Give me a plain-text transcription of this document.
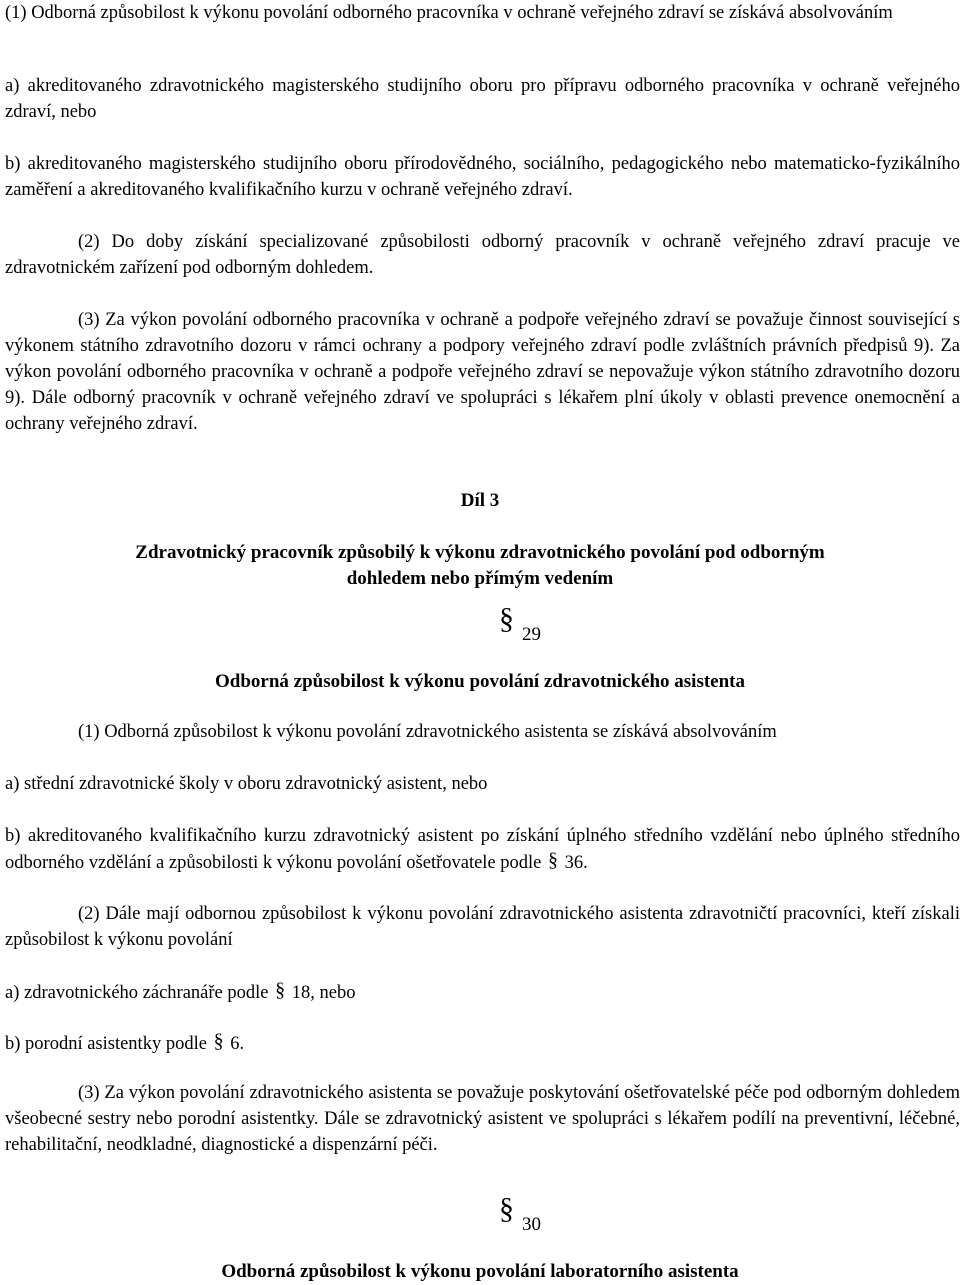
(1) Odborná způsobilost k výkonu povolání odborného pracovníka v ochraně veřejného zdraví se získává absolvováním

a) akreditovaného zdravotnického magisterského studijního oboru pro přípravu odborného pracovníka v ochraně veřejného zdraví, nebo

b) akreditovaného magisterského studijního oboru přírodovědného, sociálního, pedagogického nebo matematicko-fyzikálního zaměření a akreditovaného kvalifikačního kurzu v ochraně veřejného zdraví.

(2) Do doby získání specializované způsobilosti odborný pracovník v ochraně veřejného zdraví pracuje ve zdravotnickém zařízení pod odborným dohledem.

(3) Za výkon povolání odborného pracovníka v ochraně a podpoře veřejného zdraví se považuje činnost související s výkonem státního zdravotního dozoru v rámci ochrany a podpory veřejného zdraví podle zvláštních právních předpisů 9). Za výkon povolání odborného pracovníka v ochraně a podpoře veřejného zdraví se nepovažuje výkon státního zdravotního dozoru 9). Dále odborný pracovník v ochraně veřejného zdraví ve spolupráci s lékařem plní úkoly v oblasti prevence onemocnění a ochrany veřejného zdraví.

Díl 3
Zdravotnický pracovník způsobilý k výkonu zdravotnického povolání pod odborným
dohledem nebo přímým vedením
§ 29
Odborná způsobilost k výkonu povolání zdravotnického asistenta

(1) Odborná způsobilost k výkonu povolání zdravotnického asistenta se získává absolvováním

a) střední zdravotnické školy v oboru zdravotnický asistent, nebo

b) akreditovaného kvalifikačního kurzu zdravotnický asistent po získání úplného středního vzdělání nebo úplného středního odborného vzdělání a způsobilosti k výkonu povolání ošetřovatele podle § 36.

(2) Dále mají odbornou způsobilost k výkonu povolání zdravotnického asistenta zdravotničtí pracovníci, kteří získali způsobilost k výkonu povolání

a) zdravotnického záchranáře podle § 18, nebo

b) porodní asistentky podle § 6.

(3) Za výkon povolání zdravotnického asistenta se považuje poskytování ošetřovatelské péče pod odborným dohledem všeobecné sestry nebo porodní asistentky. Dále se zdravotnický asistent ve spolupráci s lékařem podílí na preventivní, léčebné, rehabilitační, neodkladné, diagnostické a dispenzární péči.

§ 30
Odborná způsobilost k výkonu povolání laboratorního asistenta
